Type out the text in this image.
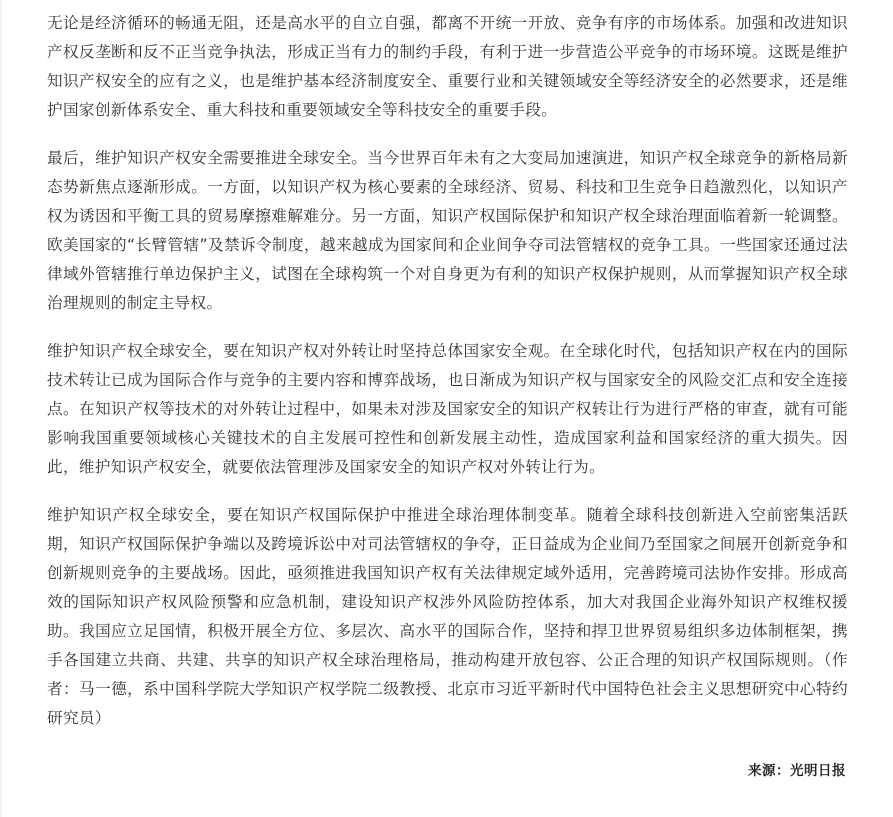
无论是经济循环的畅通无阻，还是高水平的自立自强，都离不开统一开放、竞争有序的市场体系。加强和改进知识产权反垄断和反不正当竞争执法，形成正当有力的制约手段，有利于进一步营造公平竞争的市场环境。这既是维护知识产权安全的应有之义，也是维护基本经济制度安全、重要行业和关键领域安全等经济安全的必然要求，还是维护国家创新体系安全、重大科技和重要领域安全等科技安全的重要手段。

最后，维护知识产权安全需要推进全球安全。当今世界百年未有之大变局加速演进，知识产权全球竞争的新格局新态势新焦点逐渐形成。一方面，以知识产权为核心要素的全球经济、贸易、科技和卫生竞争日趋激烈化，以知识产权为诱因和平衡工具的贸易摩擦难解难分。另一方面，知识产权国际保护和知识产权全球治理面临着新一轮调整。欧美国家的“长臂管辖”及禁诉令制度，越来越成为国家间和企业间争夺司法管辖权的竞争工具。一些国家还通过法律域外管辖推行单边保护主义，试图在全球构筑一个对自身更为有利的知识产权保护规则，从而掌握知识产权全球治理规则的制定主导权。

维护知识产权全球安全，要在知识产权对外转让时坚持总体国家安全观。在全球化时代，包括知识产权在内的国际技术转让已成为国际合作与竞争的主要内容和博弈战场，也日渐成为知识产权与国家安全的风险交汇点和安全连接点。在知识产权等技术的对外转让过程中，如果未对涉及国家安全的知识产权转让行为进行严格的审查，就有可能影响我国重要领域核心关键技术的自主发展可控性和创新发展主动性，造成国家利益和国家经济的重大损失。因此，维护知识产权安全，就要依法管理涉及国家安全的知识产权对外转让行为。

维护知识产权全球安全，要在知识产权国际保护中推进全球治理体制变革。随着全球科技创新进入空前密集活跃期，知识产权国际保护争端以及跨境诉讼中对司法管辖权的争夺，正日益成为企业间乃至国家之间展开创新竞争和创新规则竞争的主要战场。因此，亟须推进我国知识产权有关法律规定域外适用，完善跨境司法协作安排。形成高效的国际知识产权风险预警和应急机制，建设知识产权涉外风险防控体系，加大对我国企业海外知识产权维权援助。我国应立足国情，积极开展全方位、多层次、高水平的国际合作，坚持和捍卫世界贸易组织多边体制框架，携手各国建立共商、共建、共享的知识产权全球治理格局，推动构建开放包容、公正合理的知识产权国际规则。（作者：马一德，系中国科学院大学知识产权学院二级教授、北京市习近平新时代中国特色社会主义思想研究中心特约研究员）

来源：光明日报
